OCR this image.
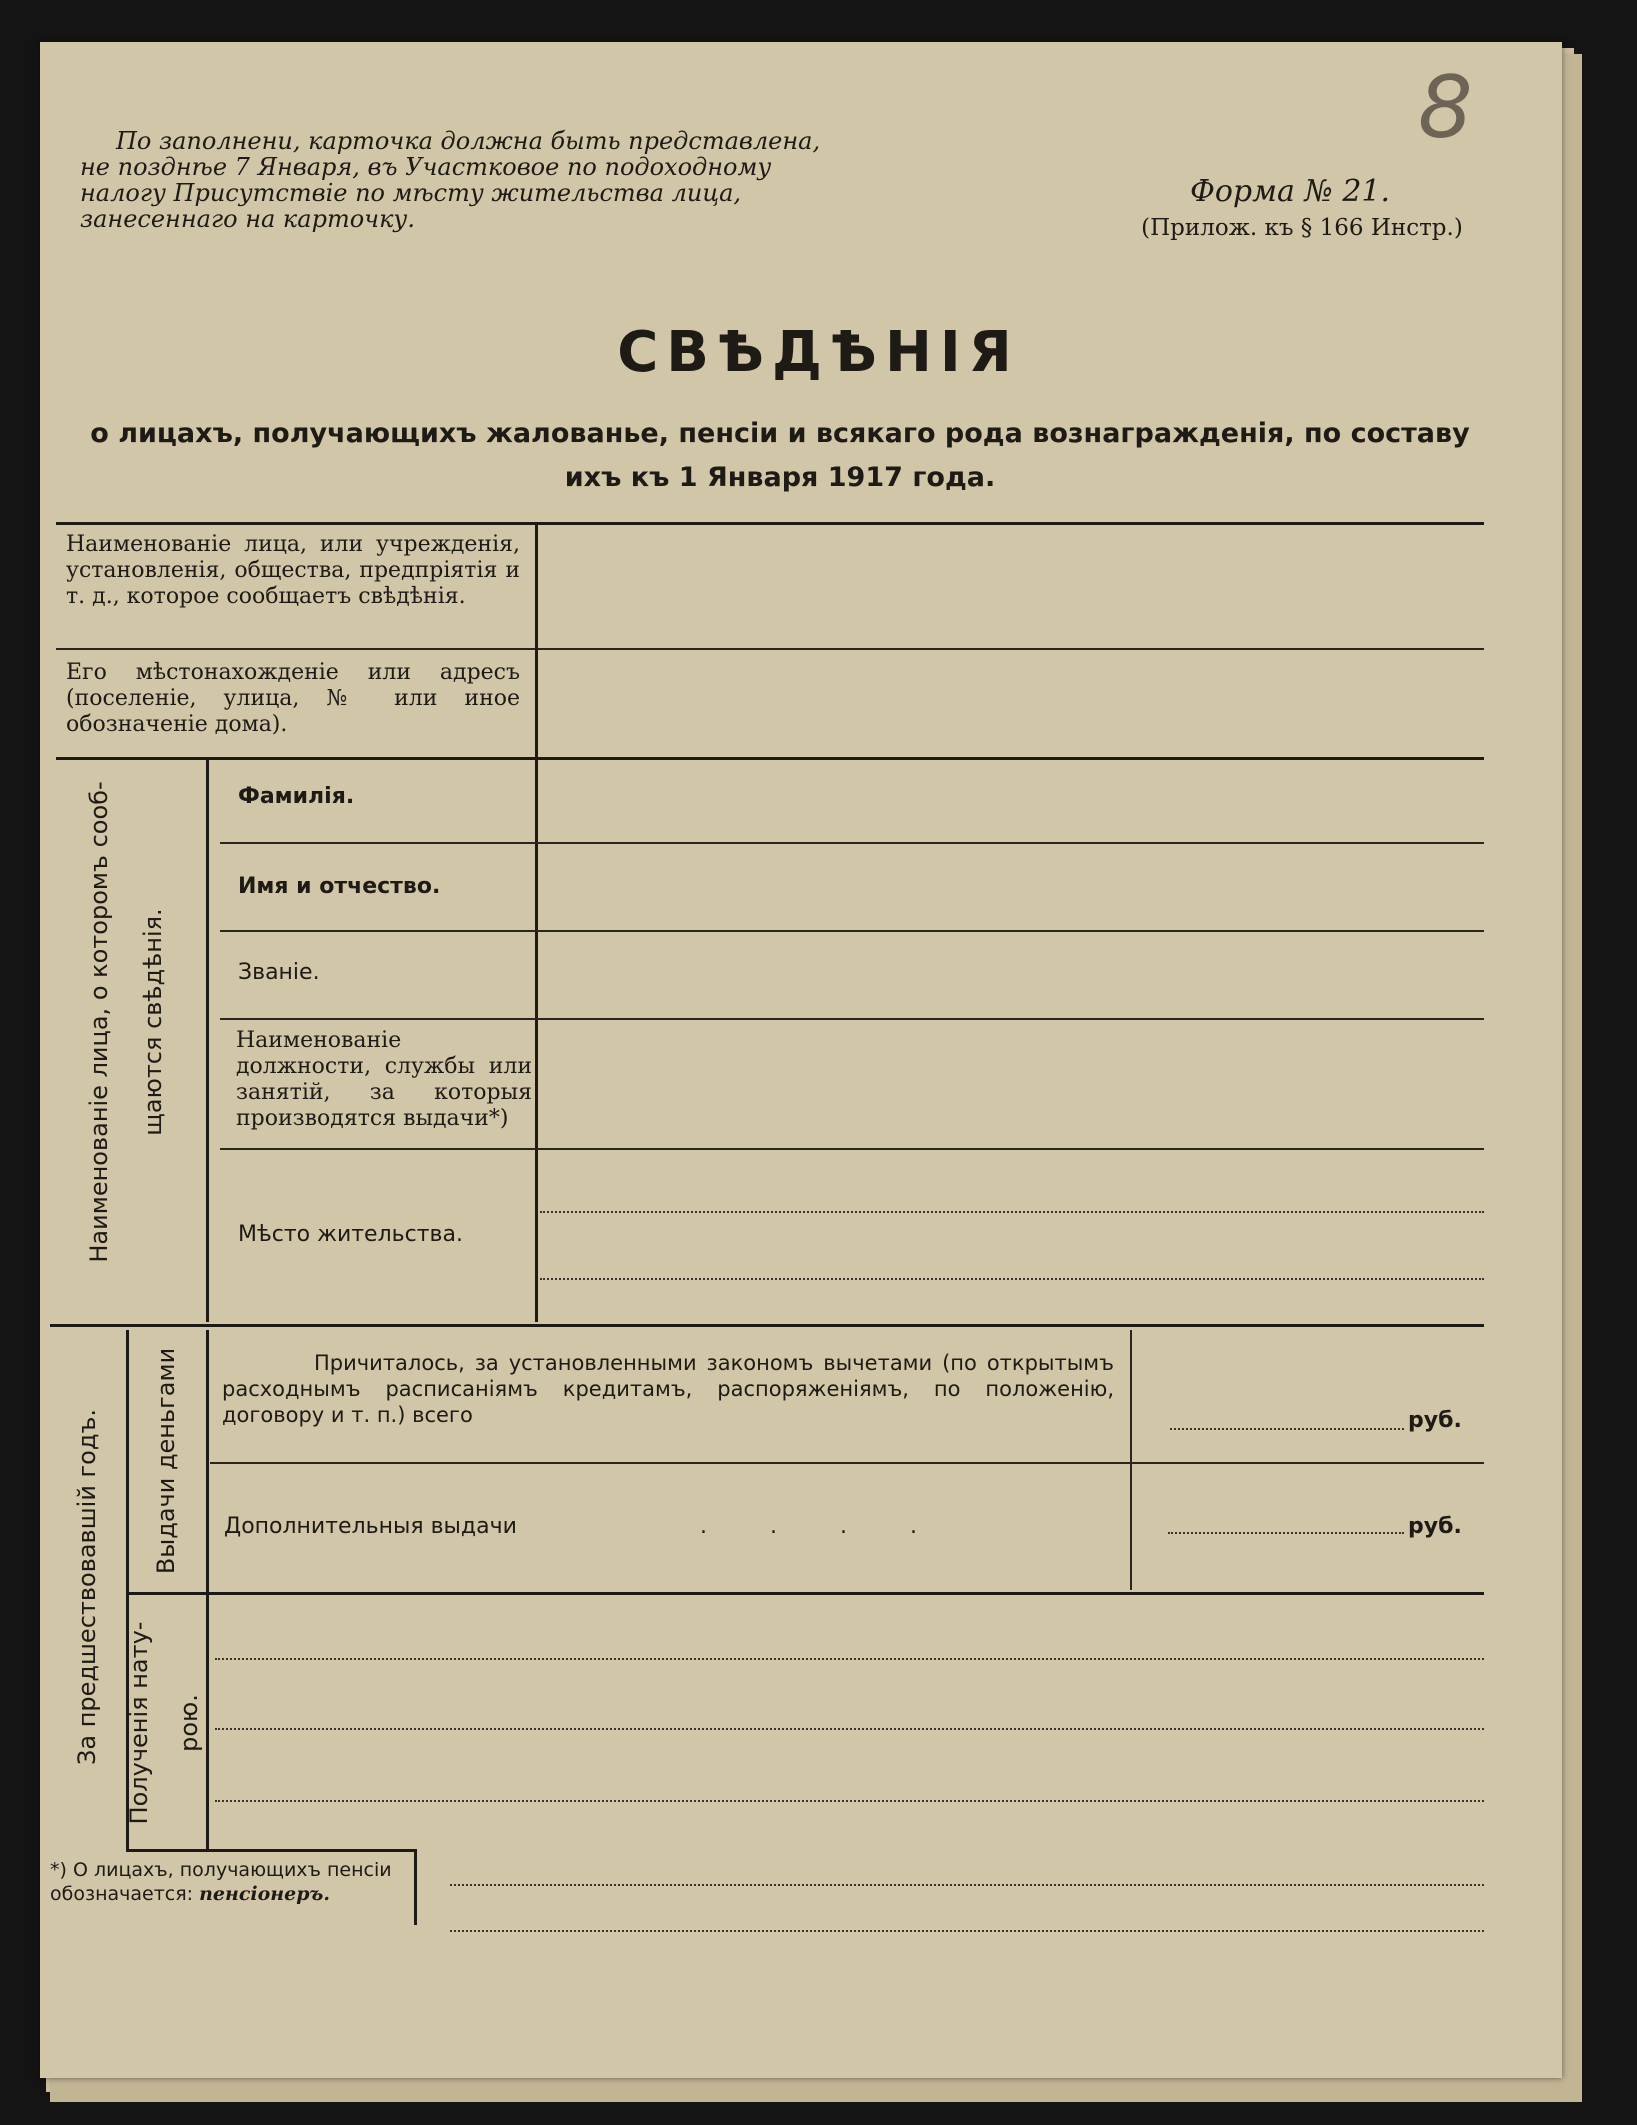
8
По заполнени, карточка должна быть представлена,
не позднѣе 7 Января, въ Участковое по подоходному налогу Присутствiе по мѣсту жительства лица, занесеннаго на карточку.
Форма № 21.
(Прилож. къ § 166 Инстр.)
СВѢДѢНIЯ
о лицахъ, получающихъ жалованье, пенсiи и всякаго рода вознагражденiя, по составу
ихъ къ 1 Января 1917 года.
Наименованiе лица, или учрежденiя, установленiя, общества, предпрiятiя и т. д., которое сообщаетъ свѣдѣнiя.
Его мѣстонахожденiе или адресъ (поселенiе, улица, № или иное обозначенiе дома).
Наименованiе лица, о которомъ сооб- щаются свѣдѣнiя.
Фамилiя.
Имя и отчество.
Званiе.
Наименованiе должности, службы или занятiй, за которыя производятся выдачи*)
Мѣсто жительства.
За предшествовавшiй годъ. Выдачи деньгами
Полученiя нату- рою.
Причиталось, за установленными закономъ вычетами (по открытымъ расходнымъ расписанiямъ кредитамъ, распоряженiямъ, по положенiю, договору и т. п.) всего
Дополнительныя выдачи	. . . .
руб.
руб.
*) О лицахъ, получающихъ пенсiи обозначается: пенсiонеръ.
